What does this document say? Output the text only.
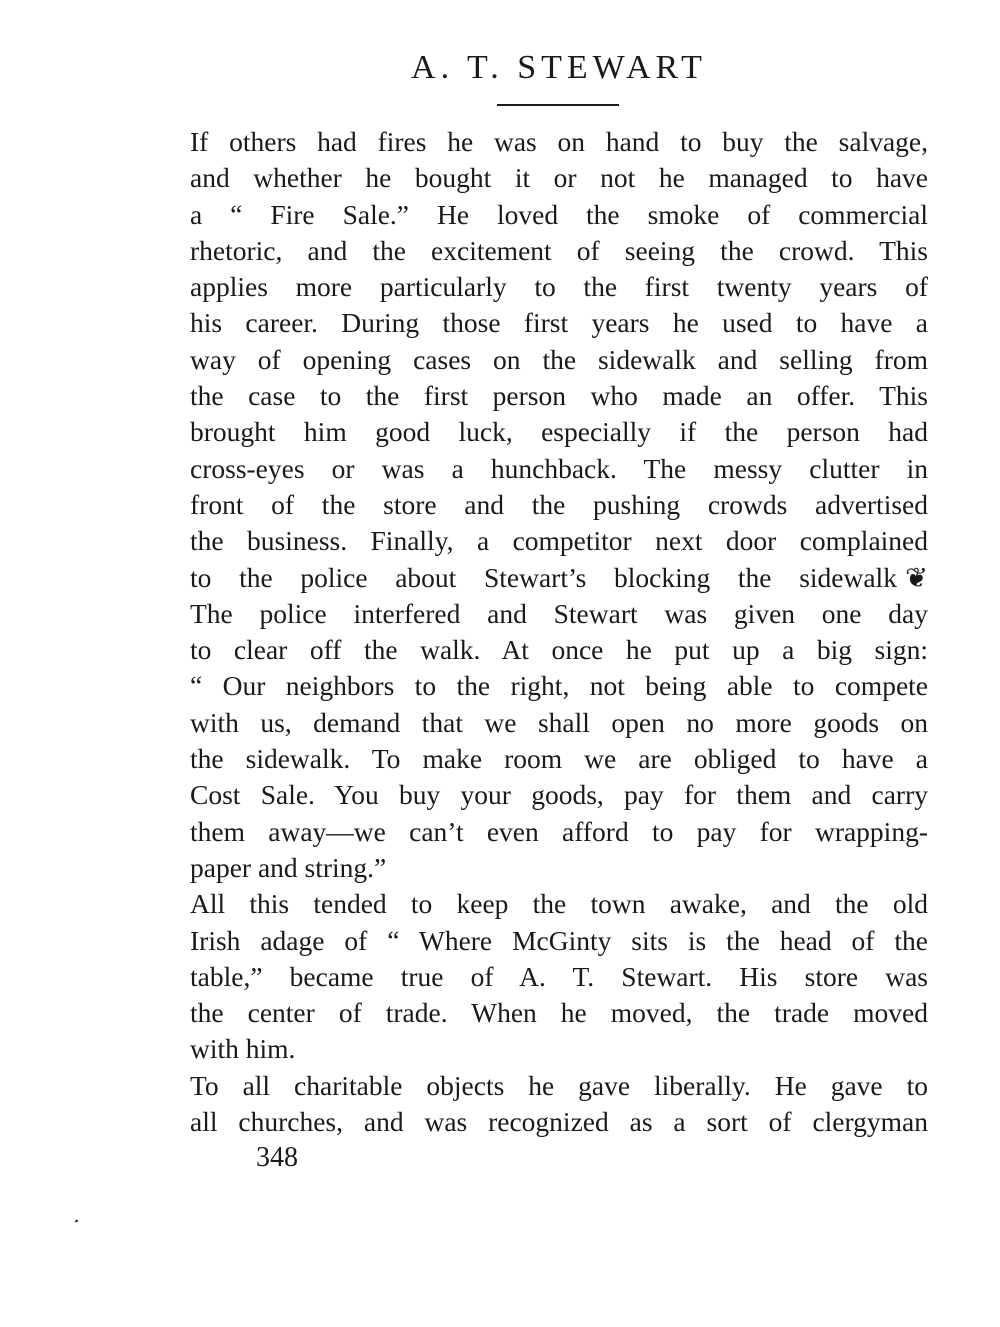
A. T. STEWART
If others had fires he was on hand to buy the salvage,
and whether he bought it or not he managed to have
a “ Fire Sale.” He loved the smoke of commercial
rhetoric, and the excitement of seeing the crowd. This
applies more particularly to the first twenty years of
his career. During those first years he used to have a
way of opening cases on the sidewalk and selling from
the case to the first person who made an offer. This
brought him good luck, especially if the person had
cross-eyes or was a hunchback. The messy clutter in
front of the store and the pushing crowds advertised
the business. Finally, a competitor next door complained
to the police about Stewart’s blocking the sidewalk ❦
The police interfered and Stewart was given one day
to clear off the walk. At once he put up a big sign:
“ Our neighbors to the right, not being able to compete
with us, demand that we shall open no more goods on
the sidewalk. To make room we are obliged to have a
Cost Sale. You buy your goods, pay for them and carry
them away—we can’t even afford to pay for wrapping-
paper and string.”
All this tended to keep the town awake, and the old
Irish adage of “ Where McGinty sits is the head of the
table,” became true of A. T. Stewart. His store was
the center of trade. When he moved, the trade moved
with him.
To all charitable objects he gave liberally. He gave to
all churches, and was recognized as a sort of clergyman
348
